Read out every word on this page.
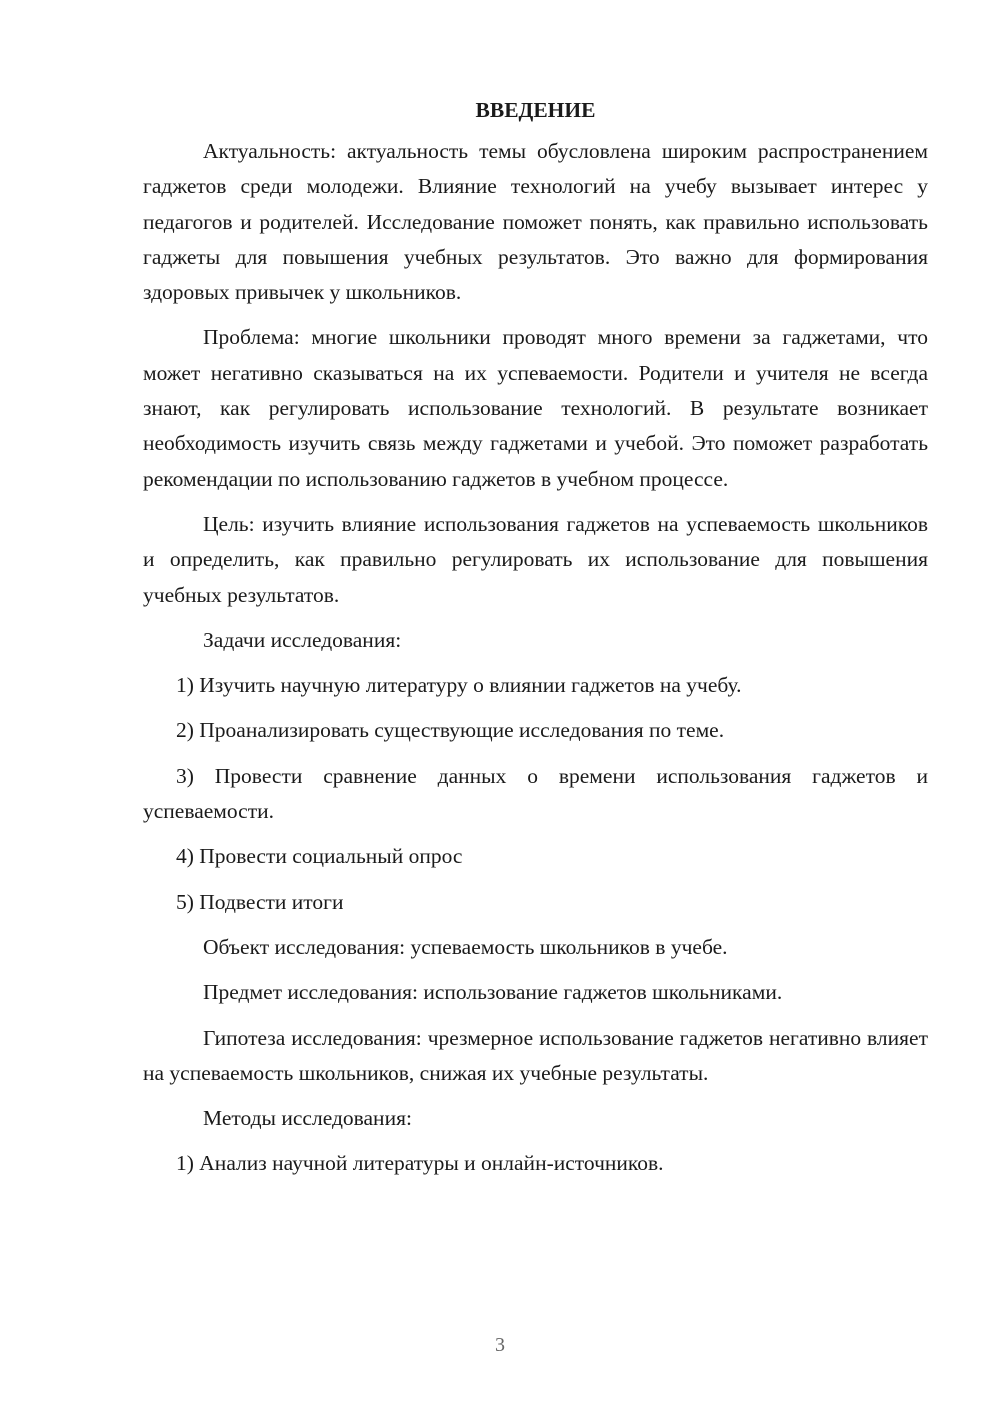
ВВЕДЕНИЕ

Актуальность: актуальность темы обусловлена широким распространением гаджетов среди молодежи. Влияние технологий на учебу вызывает интерес у педагогов и родителей. Исследование поможет понять, как правильно использовать гаджеты для повышения учебных результатов. Это важно для формирования здоровых привычек у школьников.

Проблема: многие школьники проводят много времени за гаджетами, что может негативно сказываться на их успеваемости. Родители и учителя не всегда знают, как регулировать использование технологий. В результате возникает необходимость изучить связь между гаджетами и учебой. Это поможет разработать рекомендации по использованию гаджетов в учебном процессе.

Цель: изучить влияние использования гаджетов на успеваемость школьников и определить, как правильно регулировать их использование для повышения учебных результатов.

Задачи исследования:

1) Изучить научную литературу о влиянии гаджетов на учебу.

2) Проанализировать существующие исследования по теме.

3) Провести сравнение данных о времени использования гаджетов и успеваемости.

4) Провести социальный опрос

5) Подвести итоги

Объект исследования: успеваемость школьников в учебе.

Предмет исследования: использование гаджетов школьниками.

Гипотеза исследования: чрезмерное использование гаджетов негативно влияет на успеваемость школьников, снижая их учебные результаты.

Методы исследования:

1) Анализ научной литературы и онлайн-источников.

3
